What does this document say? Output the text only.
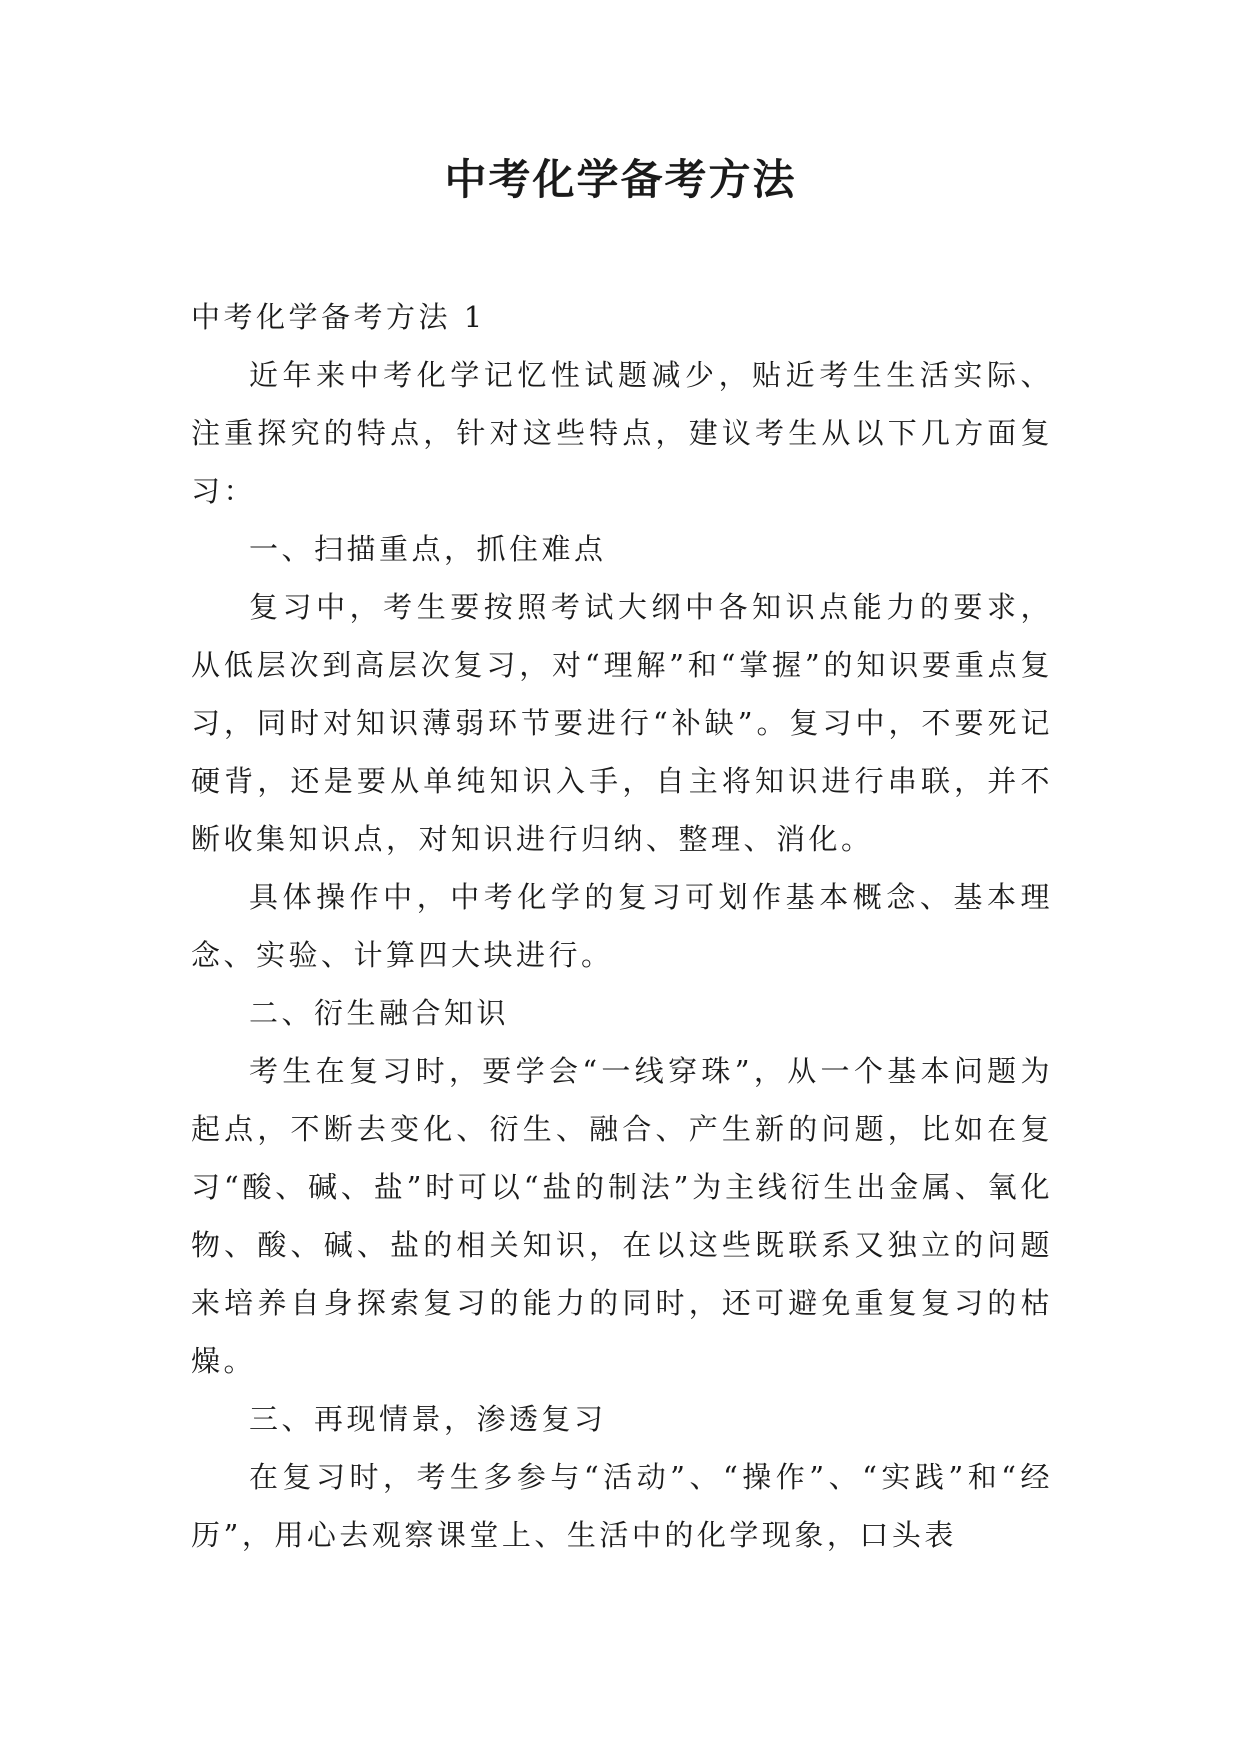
中考化学备考方法

中考化学备考方法 1

近年来中考化学记忆性试题减少，贴近考生生活实际、注重探究的特点，针对这些特点，建议考生从以下几方面复习：

一、扫描重点，抓住难点

复习中，考生要按照考试大纲中各知识点能力的要求，从低层次到高层次复习，对“理解”和“掌握”的知识要重点复习，同时对知识薄弱环节要进行“补缺”。复习中，不要死记硬背，还是要从单纯知识入手，自主将知识进行串联，并不断收集知识点，对知识进行归纳、整理、消化。

具体操作中，中考化学的复习可划作基本概念、基本理念、实验、计算四大块进行。

二、衍生融合知识

考生在复习时，要学会“一线穿珠”，从一个基本问题为起点，不断去变化、衍生、融合、产生新的问题，比如在复习“酸、碱、盐”时可以“盐的制法”为主线衍生出金属、氧化物、酸、碱、盐的相关知识，在以这些既联系又独立的问题来培养自身探索复习的能力的同时，还可避免重复复习的枯燥。

三、再现情景，渗透复习

在复习时，考生多参与“活动”、“操作”、“实践”和“经历”，用心去观察课堂上、生活中的化学现象，口头表
